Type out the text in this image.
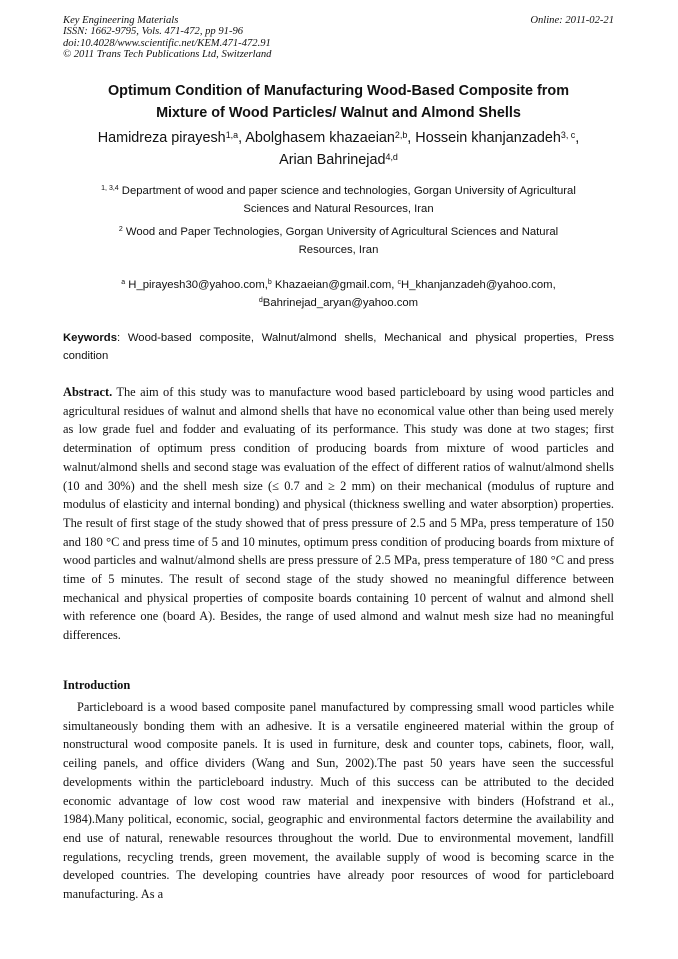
Key Engineering Materials
ISSN: 1662-9795, Vols. 471-472, pp 91-96
doi:10.4028/www.scientific.net/KEM.471-472.91
© 2011 Trans Tech Publications Ltd, Switzerland
Online: 2011-02-21
Optimum Condition of Manufacturing Wood-Based Composite from
Mixture of Wood Particles/ Walnut and Almond Shells
Hamidreza pirayesh$^{1,a}$, Abolghasem khazaeian$^{2,b}$, Hossein khanjanzadeh$^{3, c}$,
Arian Bahrinejad$^{4,d}$
$^{1, 3,4}$ Department of wood and paper science and technologies, Gorgan University of Agricultural
Sciences and Natural Resources, Iran
$^2$ Wood and Paper Technologies, Gorgan University of Agricultural Sciences and Natural
Resources, Iran
$^a$ H_pirayesh30@yahoo.com,$^b$ Khazaeian@gmail.com, $^c$H_khanjanzadeh@yahoo.com,
$^d$Bahrinejad_aryan@yahoo.com
Keywords: Wood-based composite, Walnut/almond shells, Mechanical and physical properties, Press condition
Abstract. The aim of this study was to manufacture wood based particleboard by using wood particles and agricultural residues of walnut and almond shells that have no economical value other than being used merely as low grade fuel and fodder and evaluating of its performance. This study was done at two stages; first determination of optimum press condition of producing boards from mixture of wood particles and walnut/almond shells and second stage was evaluation of the effect of different ratios of walnut/almond shells (10 and 30%) and the shell mesh size (≤ 0.7 and ≥ 2 mm) on their mechanical (modulus of rupture and modulus of elasticity and internal bonding) and physical (thickness swelling and water absorption) properties. The result of first stage of the study showed that of press pressure of 2.5 and 5 MPa, press temperature of 150 and 180 °C and press time of 5 and 10 minutes, optimum press condition of producing boards from mixture of wood particles and walnut/almond shells are press pressure of 2.5 MPa, press temperature of 180 °C and press time of 5 minutes. The result of second stage of the study showed no meaningful difference between mechanical and physical properties of composite boards containing 10 percent of walnut and almond shell with reference one (board A). Besides, the range of used almond and walnut mesh size had no meaningful differences.
Introduction
Particleboard is a wood based composite panel manufactured by compressing small wood particles while simultaneously bonding them with an adhesive. It is a versatile engineered material within the group of nonstructural wood composite panels. It is used in furniture, desk and counter tops, cabinets, floor, wall, ceiling panels, and office dividers (Wang and Sun, 2002).The past 50 years have seen the successful developments within the particleboard industry. Much of this success can be attributed to the decided economic advantage of low cost wood raw material and inexpensive with binders (Hofstrand et al., 1984).Many political, economic, social, geographic and environmental factors determine the availability and end use of natural, renewable resources throughout the world. Due to environmental movement, landfill regulations, recycling trends, green movement, the available supply of wood is becoming scarce in the developed countries. The developing countries have already poor resources of wood for particleboard manufacturing. As a
